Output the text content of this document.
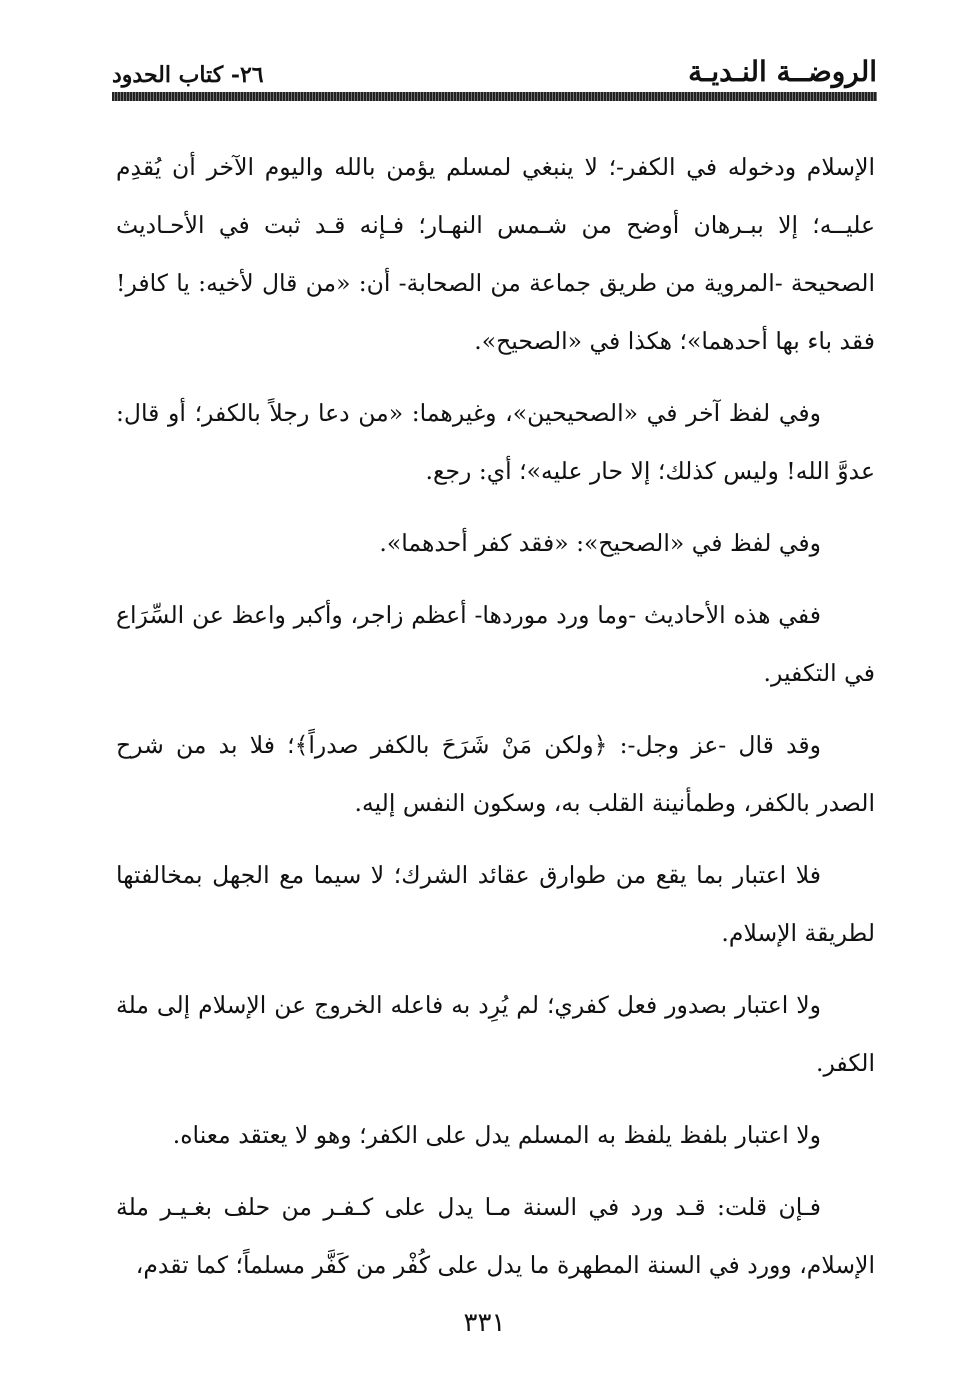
الروضــة النـديـة
٢٦- كتاب الحدود

الإسلام ودخوله في الكفر-؛ لا ينبغي لمسلم يؤمن بالله واليوم الآخر أن يُقدِم عليــه؛ إلا ببـرهان أوضح من شـمس النهـار؛ فـإنه قـد ثبت في الأحـاديث الصحيحة -المروية من طريق جماعة من الصحابة- أن: «من قال لأخيه: يا كافر! فقد باء بها أحدهما»؛ هكذا في «الصحيح».

وفي لفظ آخر في «الصحيحين»، وغيرهما: «من دعا رجلاً بالكفر؛ أو قال: عدوَّ الله! وليس كذلك؛ إلا حار عليه»؛ أي: رجع.

وفي لفظ في «الصحيح»: «فقد كفر أحدهما».

ففي هذه الأحاديث -وما ورد موردها- أعظم زاجر، وأكبر واعظ عن السِّرَاع في التكفير.

وقد قال -عز وجل-: ﴿ولكن مَنْ شَرَحَ بالكفر صدراً﴾؛ فلا بد من شرح الصدر بالكفر، وطمأنينة القلب به، وسكون النفس إليه.

فلا اعتبار بما يقع من طوارق عقائد الشرك؛ لا سيما مع الجهل بمخالفتها لطريقة الإسلام.

ولا اعتبار بصدور فعل كفري؛ لم يُرِد به فاعله الخروج عن الإسلام إلى ملة الكفر.

ولا اعتبار بلفظ يلفظ به المسلم يدل على الكفر؛ وهو لا يعتقد معناه.

فـإن قلت: قـد ورد في السنة مـا يدل على كـفـر من حلف بغـيـر ملة الإسلام، وورد في السنة المطهرة ما يدل على كُفْر من كَفَّر مسلماً؛ كما تقدم،

٣٣١
